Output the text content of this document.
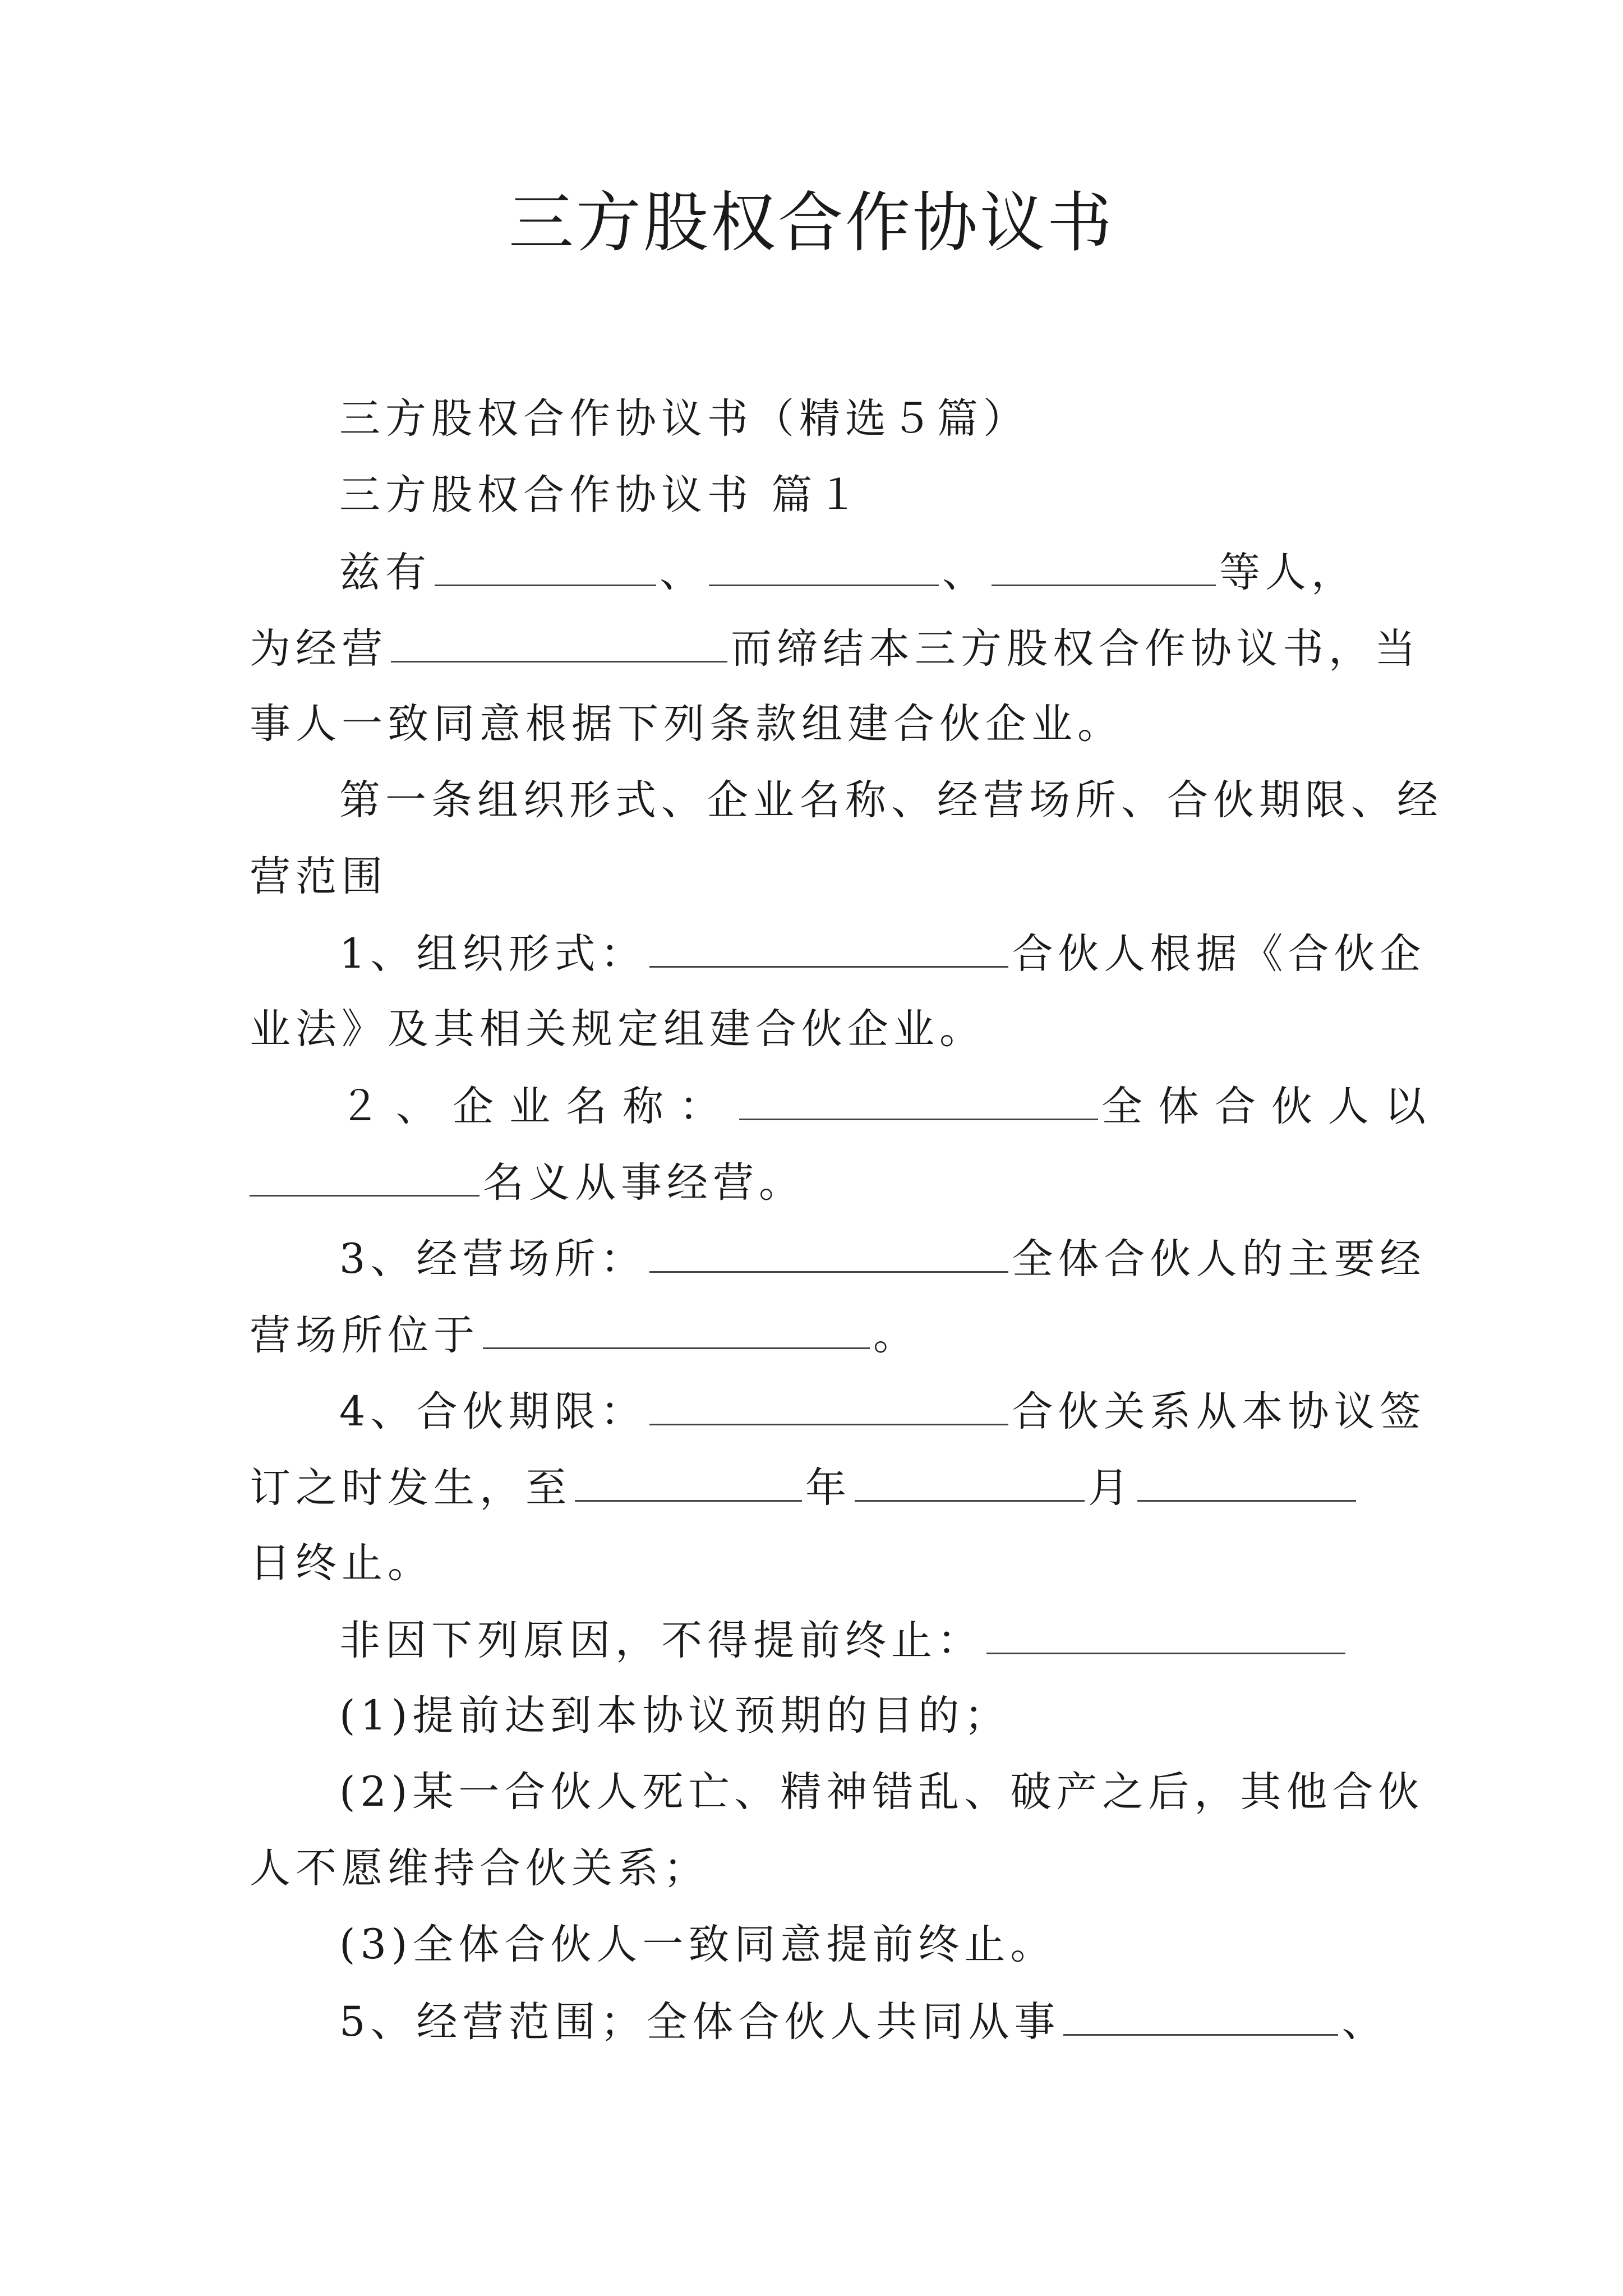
三方股权合作协议书
三方股权合作协议书（精选５篇）
三方股权合作协议书 篇１
兹有	、	、	等人，
为经营	而缔结本三方股权合作协议书，当
事人一致同意根据下列条款组建合伙企业。
第一条组织形式、企业名称、经营场所、合伙期限、经
营范围
1、组织形式：	合伙人根据《合伙企
业法》及其相关规定组建合伙企业。
２、企业名称：	全体合伙人以
名义从事经营。
3、经营场所：	全体合伙人的主要经
营场所位于	。
4、合伙期限：	合伙关系从本协议签
订之时发生，至	年	月
日终止。
非因下列原因，不得提前终止：
(1)提前达到本协议预期的目的；
(2)某一合伙人死亡、精神错乱、破产之后，其他合伙
人不愿维持合伙关系；
(3)全体合伙人一致同意提前终止。
5、经营范围；全体合伙人共同从事	、
